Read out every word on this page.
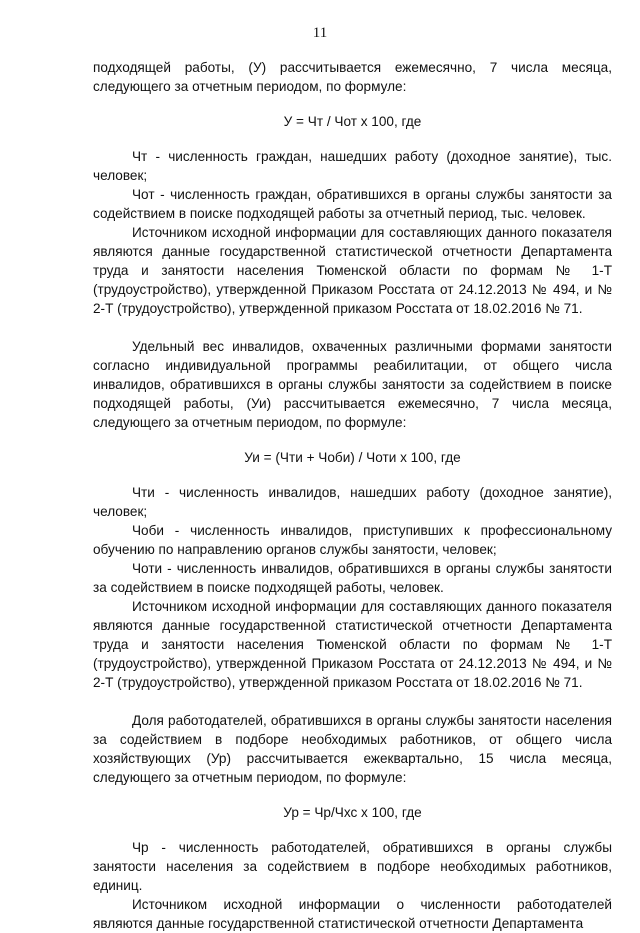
11

подходящей работы, (У) рассчитывается ежемесячно, 7 числа месяца, следующего за отчетным периодом, по формуле:

У = Чт / Чот х 100, где

Чт - численность граждан, нашедших работу (доходное занятие), тыс. человек;

Чот - численность граждан, обратившихся в органы службы занятости за содействием в поиске подходящей работы за отчетный период, тыс. человек.

Источником исходной информации для составляющих данного показателя являются данные государственной статистической отчетности Департамента труда и занятости населения Тюменской области по формам № 1-Т (трудоустройство), утвержденной Приказом Росстата от 24.12.2013 № 494, и № 2-Т (трудоустройство), утвержденной приказом Росстата от 18.02.2016 № 71.

Удельный вес инвалидов, охваченных различными формами занятости согласно индивидуальной программы реабилитации, от общего числа инвалидов, обратившихся в органы службы занятости за содействием в поиске подходящей работы, (Уи) рассчитывается ежемесячно, 7 числа месяца, следующего за отчетным периодом, по формуле:

Уи = (Чти + Чоби) / Чоти х 100, где

Чти - численность инвалидов, нашедших работу (доходное занятие), человек;

Чоби - численность инвалидов, приступивших к профессиональному обучению по направлению органов службы занятости, человек;

Чоти - численность инвалидов, обратившихся в органы службы занятости за содействием в поиске подходящей работы, человек.

Источником исходной информации для составляющих данного показателя являются данные государственной статистической отчетности Департамента труда и занятости населения Тюменской области по формам № 1-Т (трудоустройство), утвержденной Приказом Росстата от 24.12.2013 № 494, и № 2-Т (трудоустройство), утвержденной приказом Росстата от 18.02.2016 № 71.

Доля работодателей, обратившихся в органы службы занятости населения за содействием в подборе необходимых работников, от общего числа хозяйствующих (Ур) рассчитывается ежеквартально, 15 числа месяца, следующего за отчетным периодом, по формуле:

Ур = Чр/Чхс х 100, где

Чр - численность работодателей, обратившихся в органы службы занятости населения за содействием в подборе необходимых работников, единиц.

Источником исходной информации о численности работодателей являются данные государственной статистической отчетности Департамента
